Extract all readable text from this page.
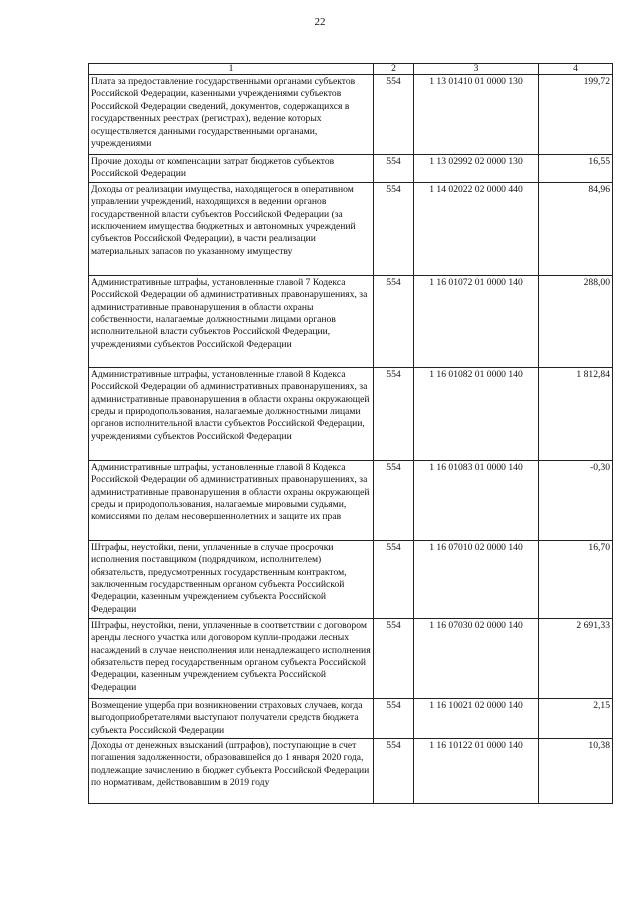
22
1	2	3	4
Плата за предоставление государственными органами субъектов Российской Федерации, казенными учреждениями субъектов Российской Федерации сведений, документов, содержащихся в государственных реестрах (регистрах), ведение которых осуществляется данными государственными органами, учреждениями	554	1 13 01410 01 0000 130	199,72
Прочие доходы от компенсации затрат бюджетов субъектов Российской Федерации	554	1 13 02992 02 0000 130	16,55
Доходы от реализации имущества, находящегося в оперативном управлении учреждений, находящихся в ведении органов государственной власти субъектов Российской Федерации (за исключением имущества бюджетных и автономных учреждений субъектов Российской Федерации), в части реализации материальных запасов по указанному имуществу	554	1 14 02022 02 0000 440	84,96
Административные штрафы, установленные главой 7 Кодекса Российской Федерации об административных правонарушениях, за административные правонарушения в области охраны собственности, налагаемые должностными лицами органов исполнительной власти субъектов Российской Федерации, учреждениями субъектов Российской Федерации	554	1 16 01072 01 0000 140	288,00
Административные штрафы, установленные главой 8 Кодекса Российской Федерации об административных правонарушениях, за административные правонарушения в области охраны окружающей среды и природопользования, налагаемые должностными лицами органов исполнительной власти субъектов Российской Федерации, учреждениями субъектов Российской Федерации	554	1 16 01082 01 0000 140	1 812,84
Административные штрафы, установленные главой 8 Кодекса Российской Федерации об административных правонарушениях, за административные правонарушения в области охраны окружающей среды и природопользования, налагаемые мировыми судьями, комиссиями по делам несовершеннолетних и защите их прав	554	1 16 01083 01 0000 140	-0,30
Штрафы, неустойки, пени, уплаченные в случае просрочки исполнения поставщиком (подрядчиком, исполнителем) обязательств, предусмотренных государственным контрактом, заключенным государственным органом субъекта Российской Федерации, казенным учреждением субъекта Российской Федерации	554	1 16 07010 02 0000 140	16,70
Штрафы, неустойки, пени, уплаченные в соответствии с договором аренды лесного участка или договором купли-продажи лесных насаждений в случае неисполнения или ненадлежащего исполнения обязательств перед государственным органом субъекта Российской Федерации, казенным учреждением субъекта Российской Федерации	554	1 16 07030 02 0000 140	2 691,33
Возмещение ущерба при возникновении страховых случаев, когда выгодоприобретателями выступают получатели средств бюджета субъекта Российской Федерации	554	1 16 10021 02 0000 140	2,15
Доходы от денежных взысканий (штрафов), поступающие в счет погашения задолженности, образовавшейся до 1 января 2020 года, подлежащие зачислению в бюджет субъекта Российской Федерации по нормативам, действовавшим в 2019 году	554	1 16 10122 01 0000 140	10,38
